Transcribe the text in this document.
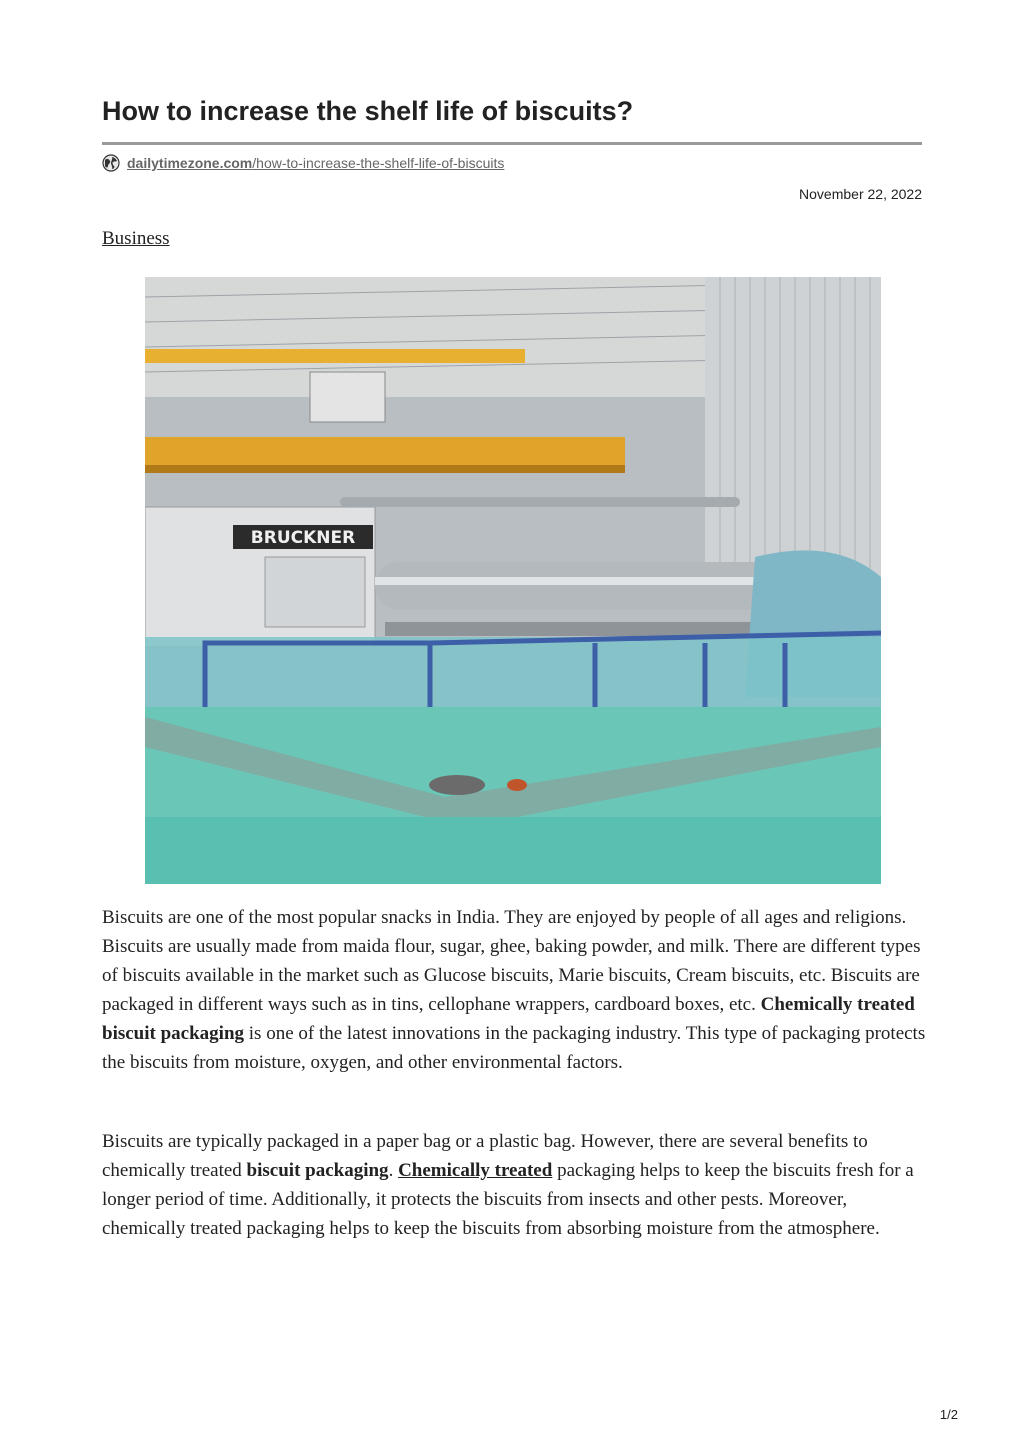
How to increase the shelf life of biscuits?
dailytimezone.com/how-to-increase-the-shelf-life-of-biscuits
November 22, 2022
Business
BRUCKNER

Biscuits are one of the most popular snacks in India. They are enjoyed by people of all ages and religions. Biscuits are usually made from maida flour, sugar, ghee, baking powder, and milk. There are different types of biscuits available in the market such as Glucose biscuits, Marie biscuits, Cream biscuits, etc. Biscuits are packaged in different ways such as in tins, cellophane wrappers, cardboard boxes, etc. Chemically treated biscuit packaging is one of the latest innovations in the packaging industry. This type of packaging protects the biscuits from moisture, oxygen, and other environmental factors.

Biscuits are typically packaged in a paper bag or a plastic bag. However, there are several benefits to chemically treated biscuit packaging. Chemically treated packaging helps to keep the biscuits fresh for a longer period of time. Additionally, it protects the biscuits from insects and other pests. Moreover, chemically treated packaging helps to keep the biscuits from absorbing moisture from the atmosphere.

1/2
